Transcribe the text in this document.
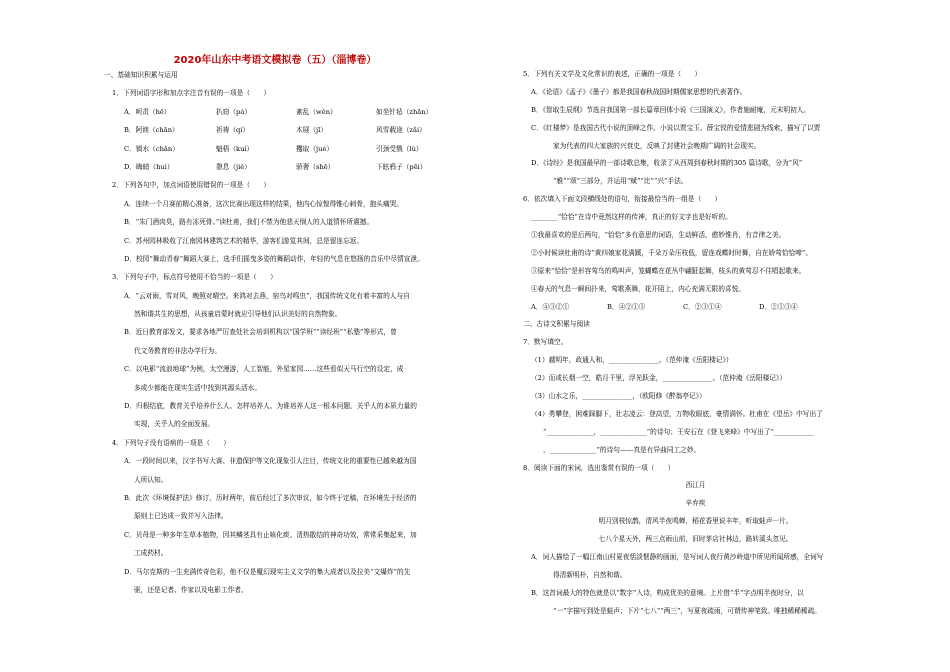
2020年山东中考语文模拟卷（五）（淄博卷）
一、基础知识积累与运用
1．下列词语字形和加点字注音有误的一项是（　　）
A．呵责（hē）	扒窃（pá）	紊乱（wěn）	如坐针毡（zhān）
B．阿谀（chǎn）	祈祷（qí）	木屐（jī）	风雪载途（zǎi）
C．镇水（chǎn）	魁梧（kuí）	攫取（jué）	引颈受戮（lù）
D．晦暗（huì）	憩息（jiě）	骄奢（shē）	下眩鸦子（pēi）
2．下列各句中，加点词语使用错误的一项是（　　）
A．连续一个月赛前精心准备，这次比赛出现这样的结果，他内心惊惶得锥心刺骨，抱头痛哭。
B．“朱门酒肉臭，路有冻死骨。”读杜甫，我们不禁为他悲天悯人的人道情怀所震撼。
C．苏州园林吸收了江南园林建筑艺术的精华，游客们游览其间，总是留连忘返。
D．校园“舞动青春”舞蹈大赛上，选手们摇曳多姿的舞蹈动作，年轻的气息在悠扬的音乐中尽情宣泄。
3．下列句子中，标点符号使用不恰当的一项是（　　）
A．“云对雨，雪对风，晚照对晴空。来鸿对去燕，宿鸟对鸣虫”，我国传统文化有着丰富的人与自
然和谐共生的思想，从孩童启蒙时就应引导他们认识美好的自然物象。
B．近日教育部发文，要求各地严厉查处社会培训机构以“国学班”“读经班”“私塾”等形式，曾
代文务教育的非法办学行为。
C．以电影“流浪地球”为例，太空漫游，人工智能，外星家园……这些看似天马行空的设定，成
多或少都能在现实生活中找到其源头活水。
D．归根结底，教育关乎培养什么人、怎样培养人、为谁培养人这一根本问题，关乎人的本质力量的
实现，关乎人的全面发展。
4．下列句子没有语病的一项是（　　）
A．一段时间以来，汉字书写大赛、非遗保护等文化现象引人注目，传统文化的重要性已越来越为国
人所认知。
B．此次《环境保护法》修订，历时两年，前后经过了多次审议，如今终于定稿，在环境先于经济的
原则上已达成一致并写入法律。
C．贝母是一种多年生草本植物，因其鳞茎具有止咳化痰、清热散结的神奇功效，常常采集起来，加
工成药材。
D．马尔克斯的一生充满传奇色彩，他不仅是魔幻现实主义文学的集大成者以及拉美“文爆炸”的先
驱，还是记者、作家以及电影工作者。
5．下列有关文学及文化常识的表述，正确的一项是（　　）
A．《论语》《孟子》《墨子》都是我国春秋战国时期儒家思想的代表著作。
B．《智取生辰纲》节选自我国第一部长篇章回体小说《三国演义》，作者施耐庵，元末明初人。
C．《红楼梦》是我国古代小说的顶峰之作。小说以贾宝玉、薛宝钗的爱情悲剧为线索，描写了以贾
家为代表的四大家族的兴衰史，反映了封建社会晚期广阔的社会现实。
D．《诗经》是我国最早的一部诗歌总集，收录了从西周到春秋时期的305 篇诗歌，分为“风”
“雅”“颂”三部分，并运用“赋”“比”“兴”手法。
6．依次填入下面文段横线处的语句，衔接最恰当的一组是（　　）
________“恰恰”在诗中竟然这样的传神，真正的好文字也是好听的。
①我最喜欢的是后两句，“恰恰”多有意思的词语，生动鲜活，憨妙惟肖，有音律之美。
②小时候读杜甫的诗“黄四娘家花满蹊，千朵万朵压枝低，留连戏蝶时时舞，自在娇莺恰恰啼”。
③原来“恰恰”是形容莺鸟的鸣叫声，笼蝴蝶在花丛中翩跹起舞，枝头的黄莺忍不住唱起歌来。
④春天的气息一瞬间扑来，莺歌燕舞，花开陌上，内心充满无限的喜悦。
A．④③②①	B．④②①③	C．②③①④	D．②①③④
二、古诗文积累与阅读
7．默写填空。
（1）越明年，政通人和，_______________。（范仲淹《岳阳楼记》）
（2）而或长烟一空，皓月千里，浮光跃金，_______________。（范仲淹《岳阳楼记》）
（3）山水之乐，_______________，（欧阳修《醉翁亭记》）
（4）勇攀登，困难踩脚下，壮志凌云：登高望，万物收眼底，豪情满怀。杜甫在《望岳》中写出了
“______________，______________”的诗句；王安石在《登飞来峰》中写出了“____________
，______________”的诗句——真是有异曲同工之妙。
8．阅读下面的宋词，选出鉴赏有误的一项（　　）
西江月
辛弃疾
明月别枝惊鹊，清风半夜鸣蝉，稻花香里说丰年，听取蛙声一片。
七八个星天外，两三点雨山前，旧时茅店社林边，路转溪头忽见。
A．词人描绘了一幅江南山村夏夜恬淡惬静的画面，是写词人夜行黄沙岭道中所见所闻所感，全词写
得清新明朴，自然和谐。
B．这首词最大的特色就是以“数字”入诗，构成优美的意境。上片借“半”字点明半夜时分，以
“一”字描写到处是蛙声；下片“七八”“两三”，写夏夜疏雨，可谓传神笔致。唯独稀稀稀疏。
